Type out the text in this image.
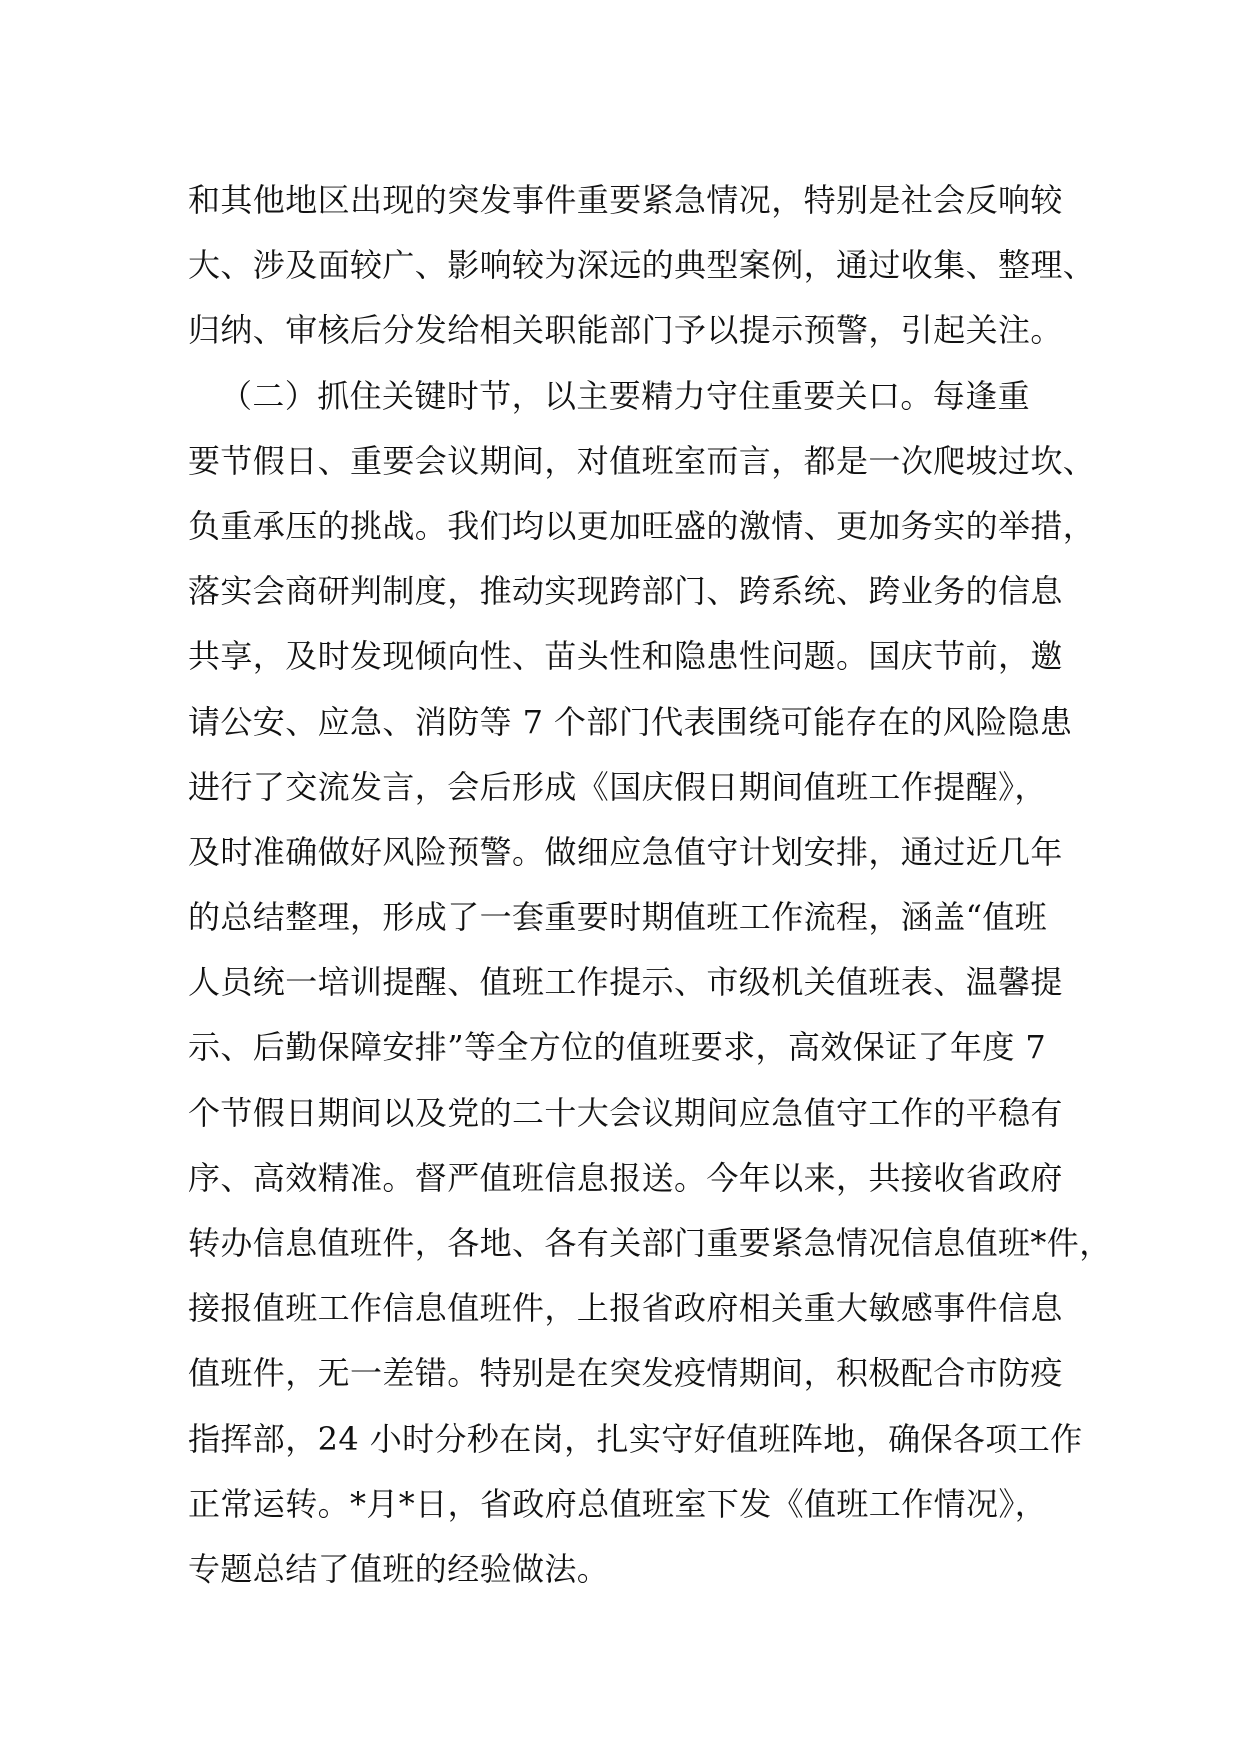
和其他地区出现的突发事件重要紧急情况，特别是社会反响较
大、涉及面较广、影响较为深远的典型案例，通过收集、整理、
归纳、审核后分发给相关职能部门予以提示预警，引起关注。
（二）抓住关键时节，以主要精力守住重要关口。每逢重
要节假日、重要会议期间，对值班室而言，都是一次爬坡过坎、
负重承压的挑战。我们均以更加旺盛的激情、更加务实的举措，
落实会商研判制度，推动实现跨部门、跨系统、跨业务的信息
共享，及时发现倾向性、苗头性和隐患性问题。国庆节前，邀
请公安、应急、消防等 7 个部门代表围绕可能存在的风险隐患
进行了交流发言，会后形成《国庆假日期间值班工作提醒》，
及时准确做好风险预警。做细应急值守计划安排，通过近几年
的总结整理，形成了一套重要时期值班工作流程，涵盖“值班
人员统一培训提醒、值班工作提示、市级机关值班表、温馨提
示、后勤保障安排”等全方位的值班要求，高效保证了年度 7
个节假日期间以及党的二十大会议期间应急值守工作的平稳有
序、高效精准。督严值班信息报送。今年以来，共接收省政府
转办信息值班件，各地、各有关部门重要紧急情况信息值班*件，
接报值班工作信息值班件，上报省政府相关重大敏感事件信息
值班件，无一差错。特别是在突发疫情期间，积极配合市防疫
指挥部，24 小时分秒在岗，扎实守好值班阵地，确保各项工作
正常运转。*月*日，省政府总值班室下发《值班工作情况》，
专题总结了值班的经验做法。
